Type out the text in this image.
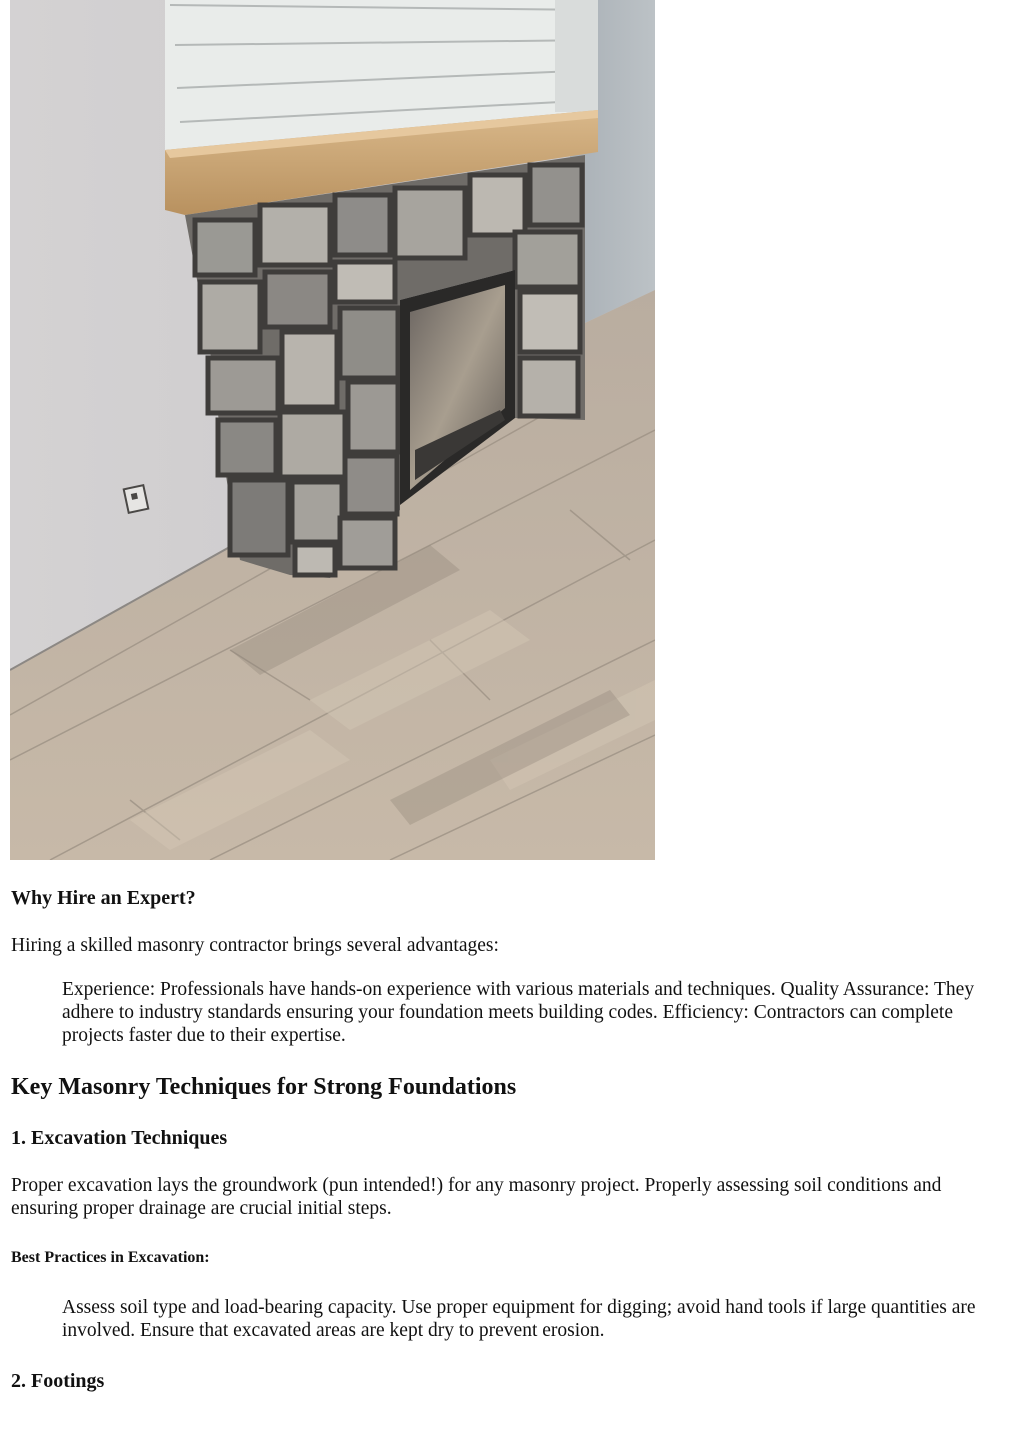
Why Hire an Expert?

Hiring a skilled masonry contractor brings several advantages:

Experience: Professionals have hands-on experience with various materials and techniques. Quality Assurance: They adhere to industry standards ensuring your foundation meets building codes. Efficiency: Contractors can complete projects faster due to their expertise.
Key Masonry Techniques for Strong Foundations
1. Excavation Techniques

Proper excavation lays the groundwork (pun intended!) for any masonry project. Properly assessing soil conditions and ensuring proper drainage are crucial initial steps.

Best Practices in Excavation:
Assess soil type and load-bearing capacity. Use proper equipment for digging; avoid hand tools if large quantities are involved. Ensure that excavated areas are kept dry to prevent erosion.
2. Footings
